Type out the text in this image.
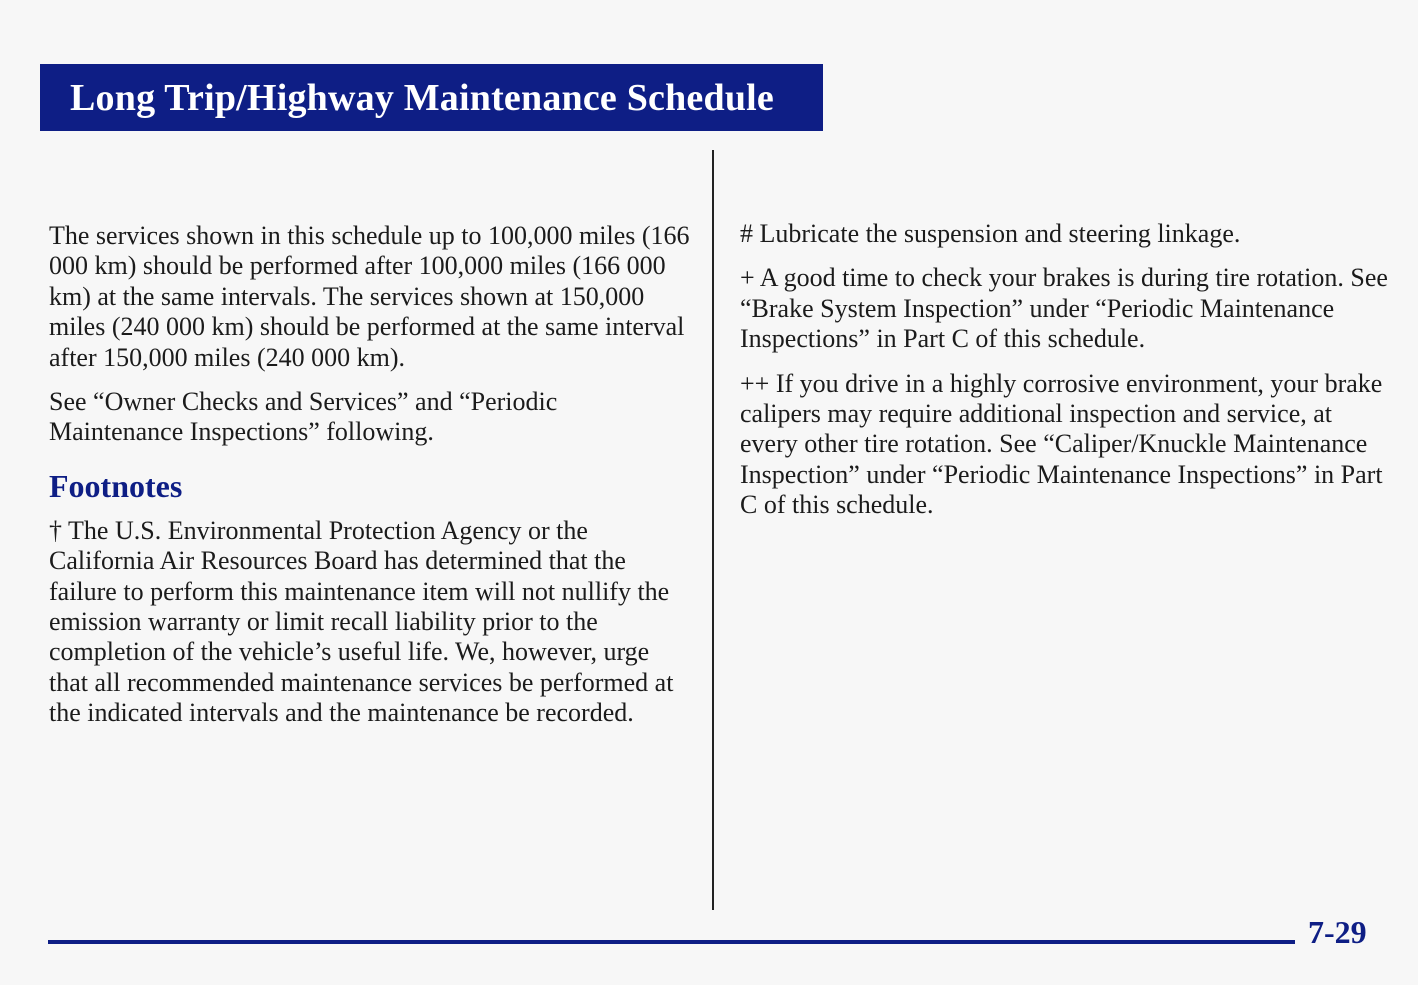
Long Trip/Highway Maintenance Schedule

The services shown in this schedule up to 100,000 miles (166 000 km) should be performed after 100,000 miles (166 000 km) at the same intervals. The services shown at 150,000 miles (240 000 km) should be performed at the same interval after 150,000 miles (240 000 km).

See “Owner Checks and Services” and “Periodic Maintenance Inspections” following.

Footnotes

† The U.S. Environmental Protection Agency or the California Air Resources Board has determined that the failure to perform this maintenance item will not nullify the emission warranty or limit recall liability prior to the completion of the vehicle’s useful life. We, however, urge that all recommended maintenance services be performed at the indicated intervals and the maintenance be recorded.

# Lubricate the suspension and steering linkage.

+ A good time to check your brakes is during tire rotation. See “Brake System Inspection” under “Periodic Maintenance Inspections” in Part C of this schedule.

++ If you drive in a highly corrosive environment, your brake calipers may require additional inspection and service, at every other tire rotation. See “Caliper/Knuckle Maintenance Inspection” under “Periodic Maintenance Inspections” in Part C of this schedule.

7-29
